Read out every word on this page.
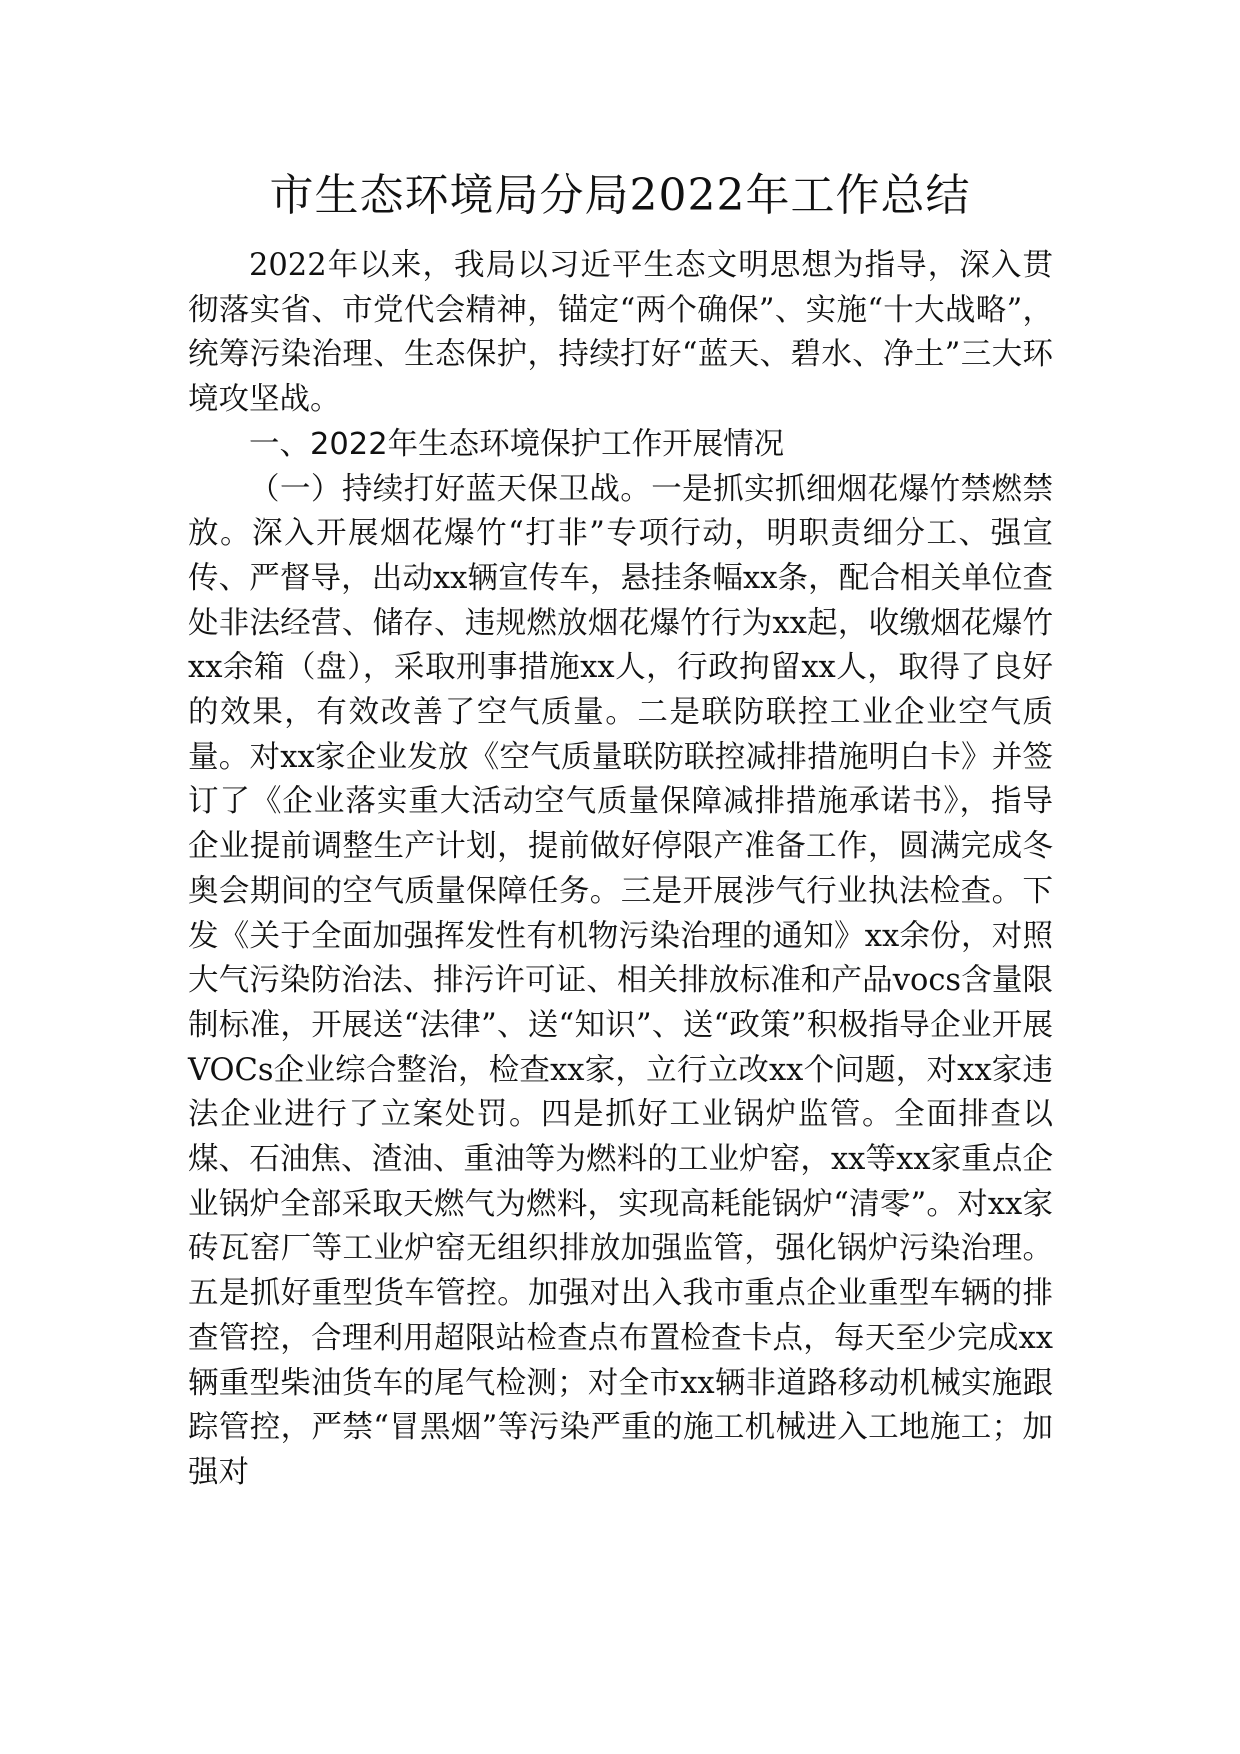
市生态环境局分局2022年工作总结

2022年以来，我局以习近平生态文明思想为指导，深入贯彻落实省、市党代会精神，锚定“两个确保”、实施“十大战略”，统筹污染治理、生态保护，持续打好“蓝天、碧水、净土”三大环境攻坚战。

一、2022年生态环境保护工作开展情况

（一）持续打好蓝天保卫战。一是抓实抓细烟花爆竹禁燃禁放。深入开展烟花爆竹“打非”专项行动，明职责细分工、强宣传、严督导，出动xx辆宣传车，悬挂条幅xx条，配合相关单位查处非法经营、储存、违规燃放烟花爆竹行为xx起，收缴烟花爆竹xx余箱（盘），采取刑事措施xx人，行政拘留xx人，取得了良好的效果，有效改善了空气质量。二是联防联控工业企业空气质量。对xx家企业发放《空气质量联防联控减排措施明白卡》并签订了《企业落实重大活动空气质量保障减排措施承诺书》，指导企业提前调整生产计划，提前做好停限产准备工作，圆满完成冬奥会期间的空气质量保障任务。三是开展涉气行业执法检查。下发《关于全面加强挥发性有机物污染治理的通知》xx余份，对照大气污染防治法、排污许可证、相关排放标准和产品vocs含量限制标准，开展送“法律”、送“知识”、送“政策”积极指导企业开展VOCs企业综合整治，检查xx家，立行立改xx个问题，对xx家违法企业进行了立案处罚。四是抓好工业锅炉监管。全面排查以煤、石油焦、渣油、重油等为燃料的工业炉窑，xx等xx家重点企业锅炉全部采取天燃气为燃料，实现高耗能锅炉“清零”。对xx家砖瓦窑厂等工业炉窑无组织排放加强监管，强化锅炉污染治理。五是抓好重型货车管控。加强对出入我市重点企业重型车辆的排查管控，合理利用超限站检查点布置检查卡点，每天至少完成xx辆重型柴油货车的尾气检测；对全市xx辆非道路移动机械实施跟踪管控，严禁“冒黑烟”等污染严重的施工机械进入工地施工；加强对
